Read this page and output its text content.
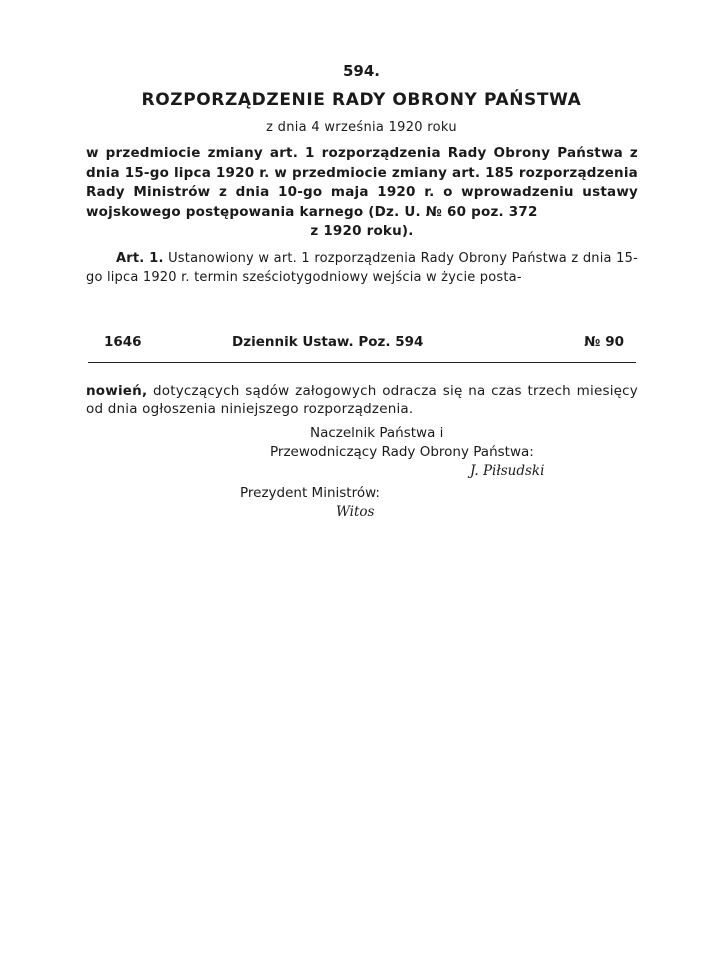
594.
ROZPORZĄDZENIE RADY OBRONY PAŃSTWA
z dnia 4 września 1920 roku
w przedmiocie zmiany art. 1 rozporządzenia Rady Obrony Państwa z dnia 15-go lipca 1920 r. w przedmiocie zmiany art. 185 rozporządzenia Rady Ministrów z dnia 10-go maja 1920 r. o wprowadzeniu ustawy wojskowego postępowania karnego (Dz. U. № 60 poz. 372
z 1920 roku).
Art. 1. Ustanowiony w art. 1 rozporządzenia Rady Obrony Państwa z dnia 15-go lipca 1920 r. termin sześciotygodniowy wejścia w życie posta-
1646	Dziennik Ustaw. Poz. 594	№ 90
nowień, dotyczących sądów załogowych odracza się na czas trzech miesięcy od dnia ogłoszenia niniejszego rozporządzenia.
Naczelnik Państwa i
Przewodniczący Rady Obrony Państwa:
J. Piłsudski
Prezydent Ministrów:
Witos
